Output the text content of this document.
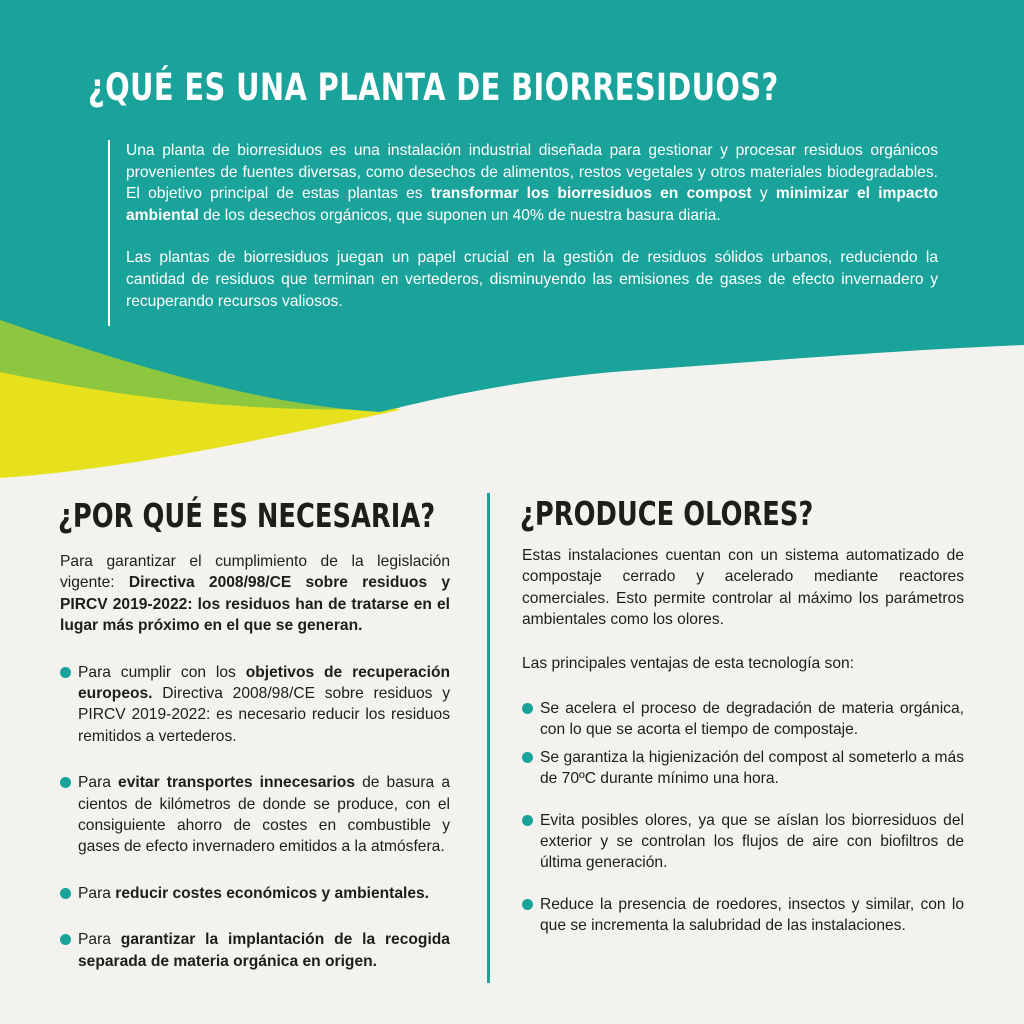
¿QUÉ ES UNA PLANTA DE BIORRESIDUOS?

Una planta de biorresiduos es una instalación industrial diseñada para gestionar y procesar residuos orgánicos provenientes de fuentes diversas, como desechos de alimentos, restos vegetales y otros materiales biodegradables. El objetivo principal de estas plantas es transformar los biorresiduos en compost y minimizar el impacto ambiental de los desechos orgánicos, que suponen un 40% de nuestra basura diaria.

Las plantas de biorresiduos juegan un papel crucial en la gestión de residuos sólidos urbanos, reduciendo la cantidad de residuos que terminan en vertederos, disminuyendo las emisiones de gases de efecto invernadero y recuperando recursos valiosos.

¿POR QUÉ ES NECESARIA?	¿PRODUCE OLORES?

Para garantizar el cumplimiento de la legislación vigente: Directiva 2008/98/CE sobre residuos y PIRCV 2019-2022: los residuos han de tratarse en el lugar más próximo en el que se generan.

Para cumplir con los objetivos de recuperación europeos. Directiva 2008/98/CE sobre residuos y PIRCV 2019-2022: es necesario reducir los residuos remitidos a vertederos.
Para evitar transportes innecesarios de basura a cientos de kilómetros de donde se produce, con el consiguiente ahorro de costes en combustible y gases de efecto invernadero emitidos a la atmósfera.
Para reducir costes económicos y ambientales.
Para garantizar la implantación de la recogida separada de materia orgánica en origen.

Estas instalaciones cuentan con un sistema automatizado de compostaje cerrado y acelerado mediante reactores comerciales. Esto permite controlar al máximo los parámetros ambientales como los olores.

Las principales ventajas de esta tecnología son:

Se acelera el proceso de degradación de materia orgánica, con lo que se acorta el tiempo de compostaje.
Se garantiza la higienización del compost al someterlo a más de 70ºC durante mínimo una hora.
Evita posibles olores, ya que se aíslan los biorresiduos del exterior y se controlan los flujos de aire con biofiltros de última generación.
Reduce la presencia de roedores, insectos y similar, con lo que se incrementa la salubridad de las instalaciones.
